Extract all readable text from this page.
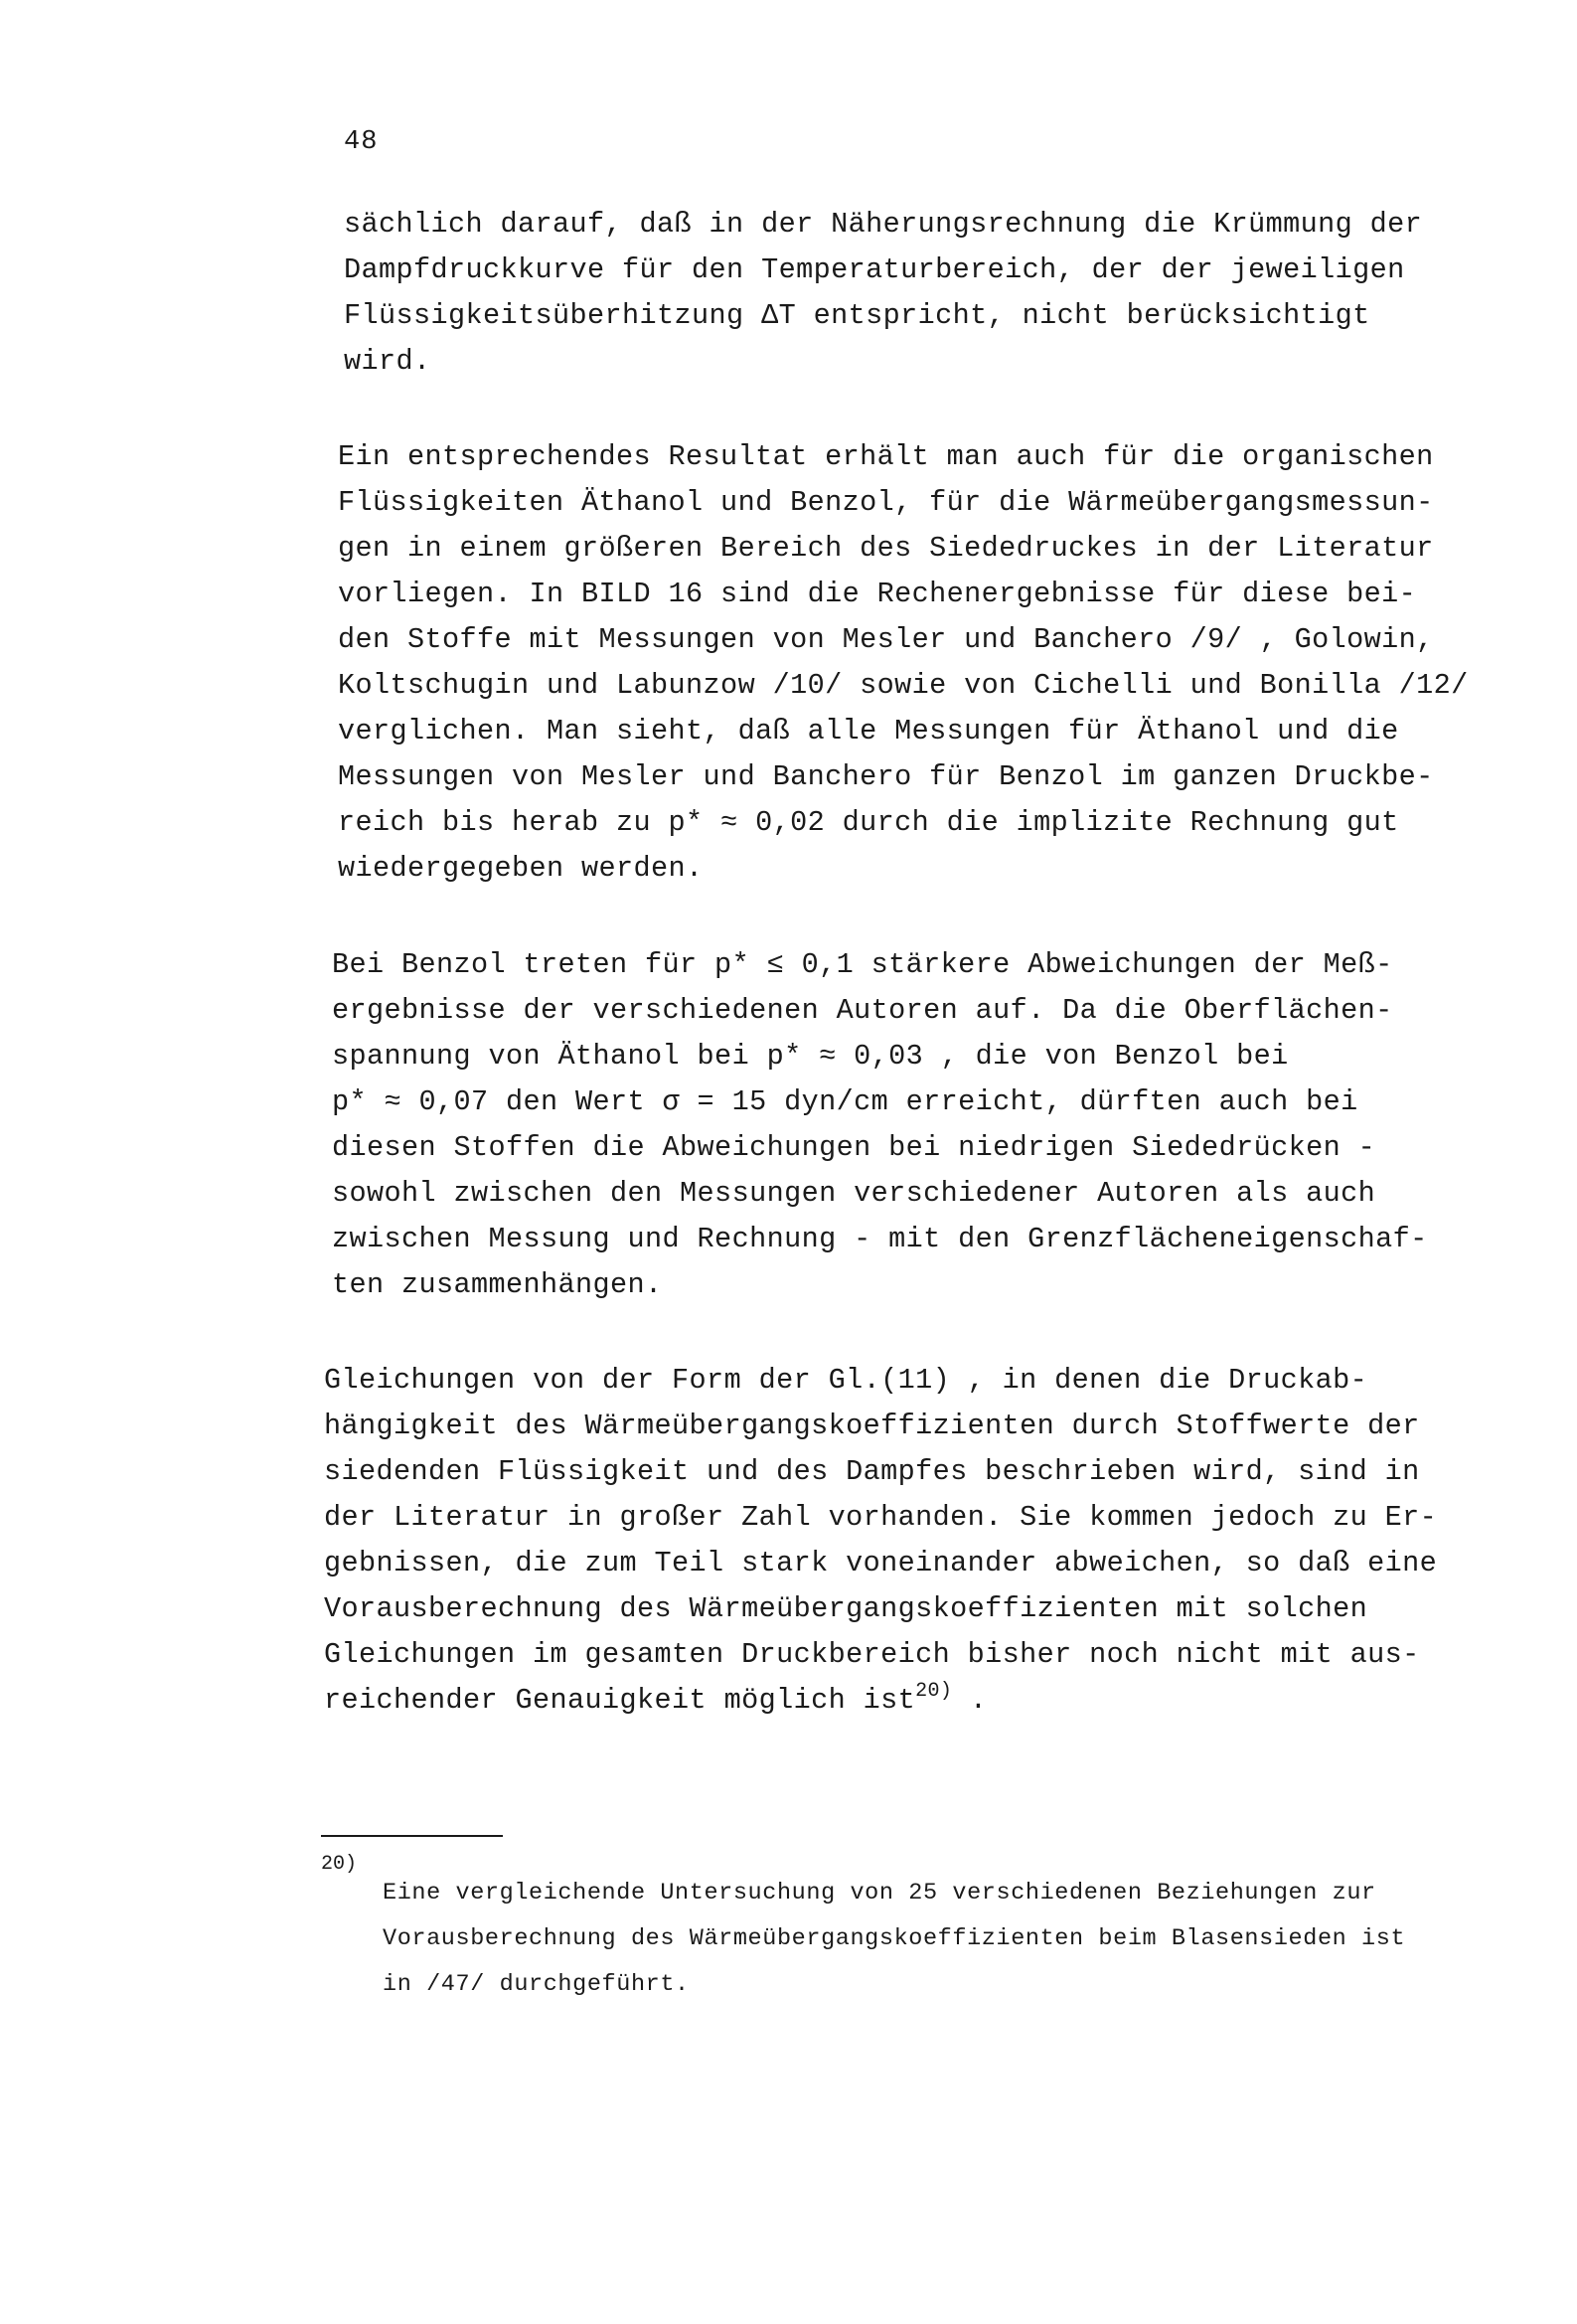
48
sächlich darauf, daß in der Näherungsrechnung die Krümmung der
Dampfdruckkurve für den Temperaturbereich, der der jeweiligen
Flüssigkeitsüberhitzung ΔT entspricht, nicht berücksichtigt
wird.
Ein entsprechendes Resultat erhält man auch für die organischen
Flüssigkeiten Äthanol und Benzol, für die Wärmeübergangsmessun-
gen in einem größeren Bereich des Siededruckes in der Literatur
vorliegen. In BILD 16 sind die Rechenergebnisse für diese bei-
den Stoffe mit Messungen von Mesler und Banchero /9/ , Golowin,
Koltschugin und Labunzow /10/ sowie von Cichelli und Bonilla /12/
verglichen. Man sieht, daß alle Messungen für Äthanol und die
Messungen von Mesler und Banchero für Benzol im ganzen Druckbe-
reich bis herab zu p* ≈ 0,02 durch die implizite Rechnung gut
wiedergegeben werden.
Bei Benzol treten für p* ≤ 0,1 stärkere Abweichungen der Meß-
ergebnisse der verschiedenen Autoren auf. Da die Oberflächen-
spannung von Äthanol bei p* ≈ 0,03 , die von Benzol bei
p* ≈ 0,07 den Wert σ = 15 dyn/cm erreicht, dürften auch bei
diesen Stoffen die Abweichungen bei niedrigen Siededrücken -
sowohl zwischen den Messungen verschiedener Autoren als auch
zwischen Messung und Rechnung - mit den Grenzflächeneigenschaf-
ten zusammenhängen.
Gleichungen von der Form der Gl.(11) , in denen die Druckab-
hängigkeit des Wärmeübergangskoeffizienten durch Stoffwerte der
siedenden Flüssigkeit und des Dampfes beschrieben wird, sind in
der Literatur in großer Zahl vorhanden. Sie kommen jedoch zu Er-
gebnissen, die zum Teil stark voneinander abweichen, so daß eine
Vorausberechnung des Wärmeübergangskoeffizienten mit solchen
Gleichungen im gesamten Druckbereich bisher noch nicht mit aus-
reichender Genauigkeit möglich ist$^{20)}$ .
20)
Eine vergleichende Untersuchung von 25 verschiedenen Beziehungen zur
Vorausberechnung des Wärmeübergangskoeffizienten beim Blasensieden ist
in /47/ durchgeführt.
